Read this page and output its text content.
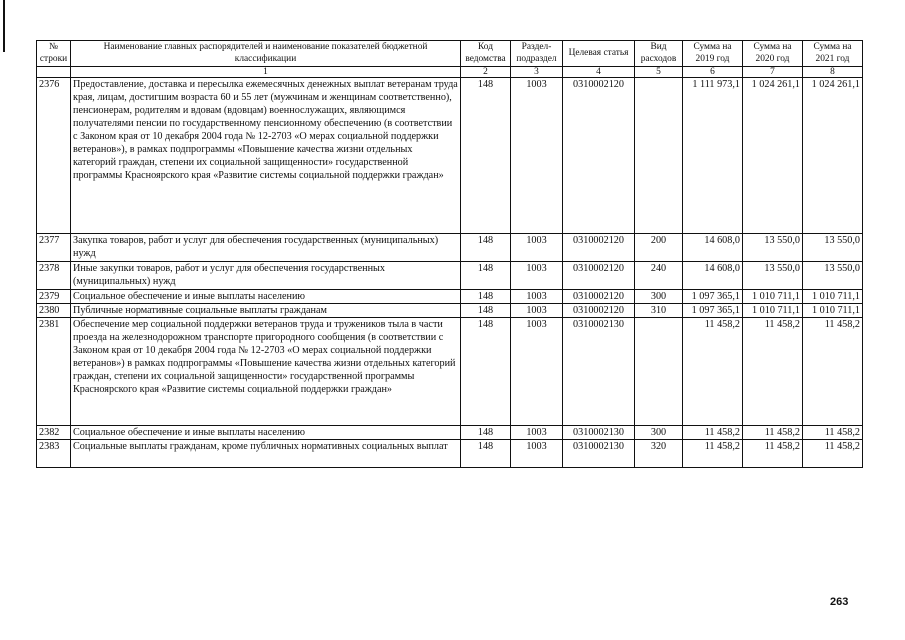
№ строки	Наименование главных распорядителей и наименование показателей бюджетной классификации	Код ведомства	Раздел-подраздел	Целевая статья	Вид расходов	Сумма на 2019 год	Сумма на 2020 год	Сумма на 2021 год
	1	2	3	4	5	6	7	8
2376	Предоставление, доставка и пересылка ежемесячных денежных выплат ветеранам труда края, лицам, достигшим возраста 60 и 55 лет (мужчинам и женщинам соответственно), пенсионерам, родителям и вдовам (вдовцам) военнослужащих, являющимся получателями пенсии по государственному пенсионному обеспечению (в соответствии с Законом края от 10 декабря 2004 года № 12-2703 «О мерах социальной поддержки ветеранов»), в рамках подпрограммы «Повышение качества жизни отдельных категорий граждан, степени их социальной защищенности» государственной программы Красноярского края «Развитие системы социальной поддержки граждан»	148	1003	0310002120		1 111 973,1	1 024 261,1	1 024 261,1
2377	Закупка товаров, работ и услуг для обеспечения государственных (муниципальных) нужд	148	1003	0310002120	200	14 608,0	13 550,0	13 550,0
2378	Иные закупки товаров, работ и услуг для обеспечения государственных (муниципальных) нужд	148	1003	0310002120	240	14 608,0	13 550,0	13 550,0
2379	Социальное обеспечение и иные выплаты населению	148	1003	0310002120	300	1 097 365,1	1 010 711,1	1 010 711,1
2380	Публичные нормативные социальные выплаты гражданам	148	1003	0310002120	310	1 097 365,1	1 010 711,1	1 010 711,1
2381	Обеспечение мер социальной поддержки ветеранов труда и тружеников тыла в части проезда на железнодорожном транспорте пригородного сообщения (в соответствии с Законом края от 10 декабря 2004 года № 12-2703 «О мерах социальной поддержки ветеранов») в рамках подпрограммы «Повышение качества жизни отдельных категорий граждан, степени их социальной защищенности» государственной программы Красноярского края «Развитие системы социальной поддержки граждан»	148	1003	0310002130		11 458,2	11 458,2	11 458,2
2382	Социальное обеспечение и иные выплаты населению	148	1003	0310002130	300	11 458,2	11 458,2	11 458,2
2383	Социальные выплаты гражданам, кроме публичных нормативных социальных выплат	148	1003	0310002130	320	11 458,2	11 458,2	11 458,2
263
